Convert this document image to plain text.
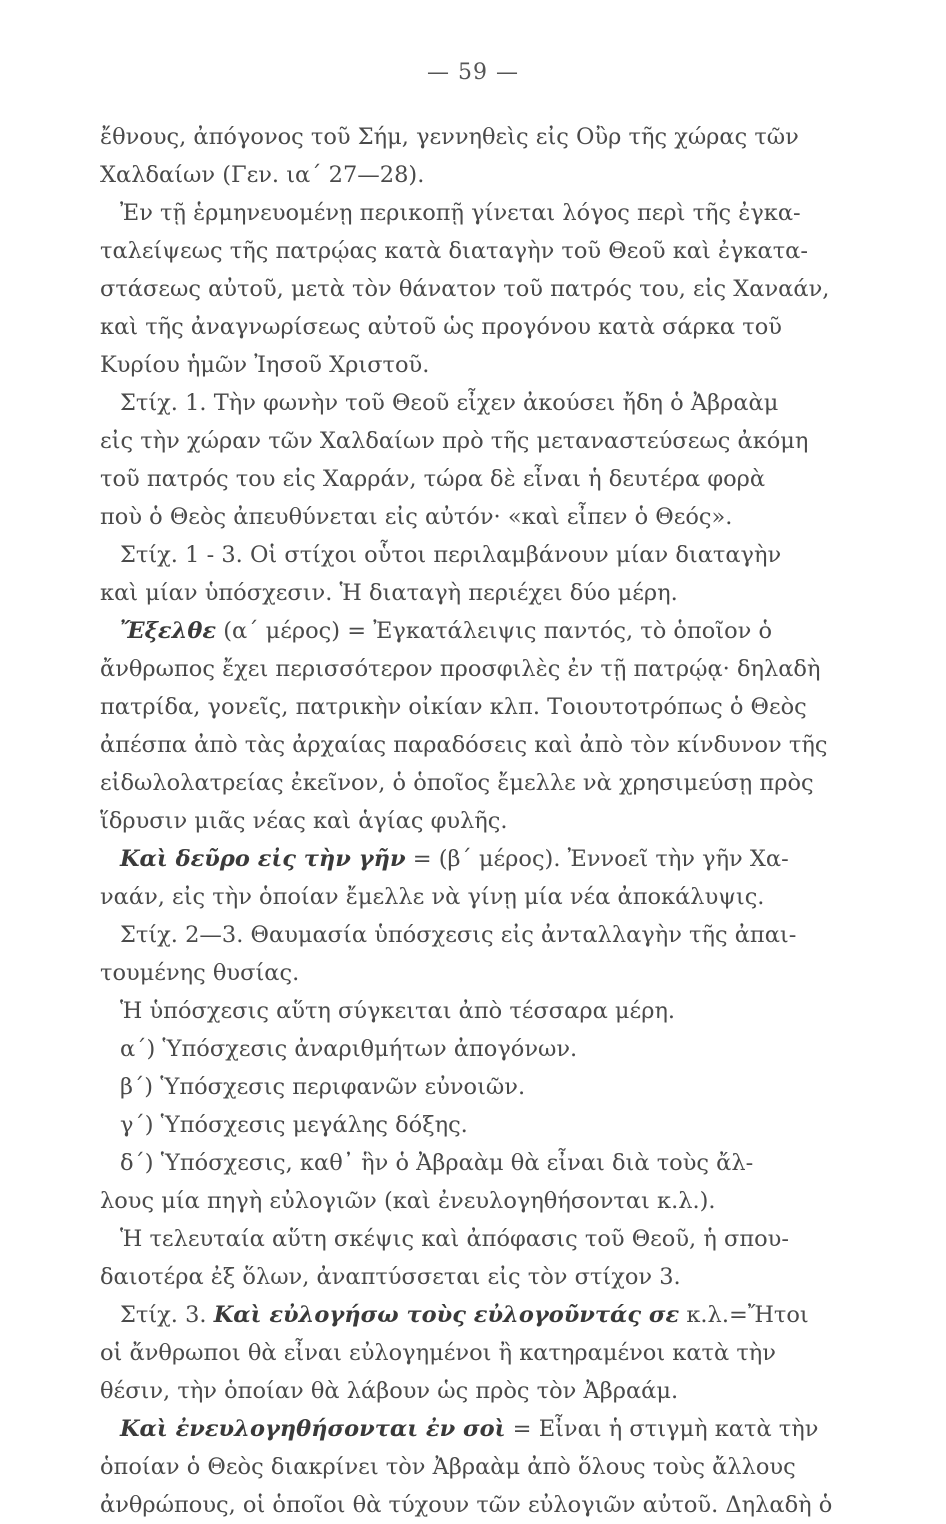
— 59 —
ἔθνους, ἀπόγονος τοῦ Σήμ, γεννηθεὶς εἰς Οὒρ τῆς χώρας τῶν
Χαλδαίων (Γεν. ια΄ 27—28).
Ἐν τῇ ἑρμηνευομένῃ περικοπῇ γίνεται λόγος περὶ τῆς ἐγκα-
ταλείψεως τῆς πατρῴας κατὰ διαταγὴν τοῦ Θεοῦ καὶ ἐγκατα-
στάσεως αὐτοῦ, μετὰ τὸν θάνατον τοῦ πατρός του, εἰς Χαναάν,
καὶ τῆς ἀναγνωρίσεως αὐτοῦ ὡς προγόνου κατὰ σάρκα τοῦ
Κυρίου ἡμῶν Ἰησοῦ Χριστοῦ.
Στίχ. 1. Τὴν φωνὴν τοῦ Θεοῦ εἶχεν ἀκούσει ἤδη ὁ Ἀβραὰμ
εἰς τὴν χώραν τῶν Χαλδαίων πρὸ τῆς μεταναστεύσεως ἀκόμη
τοῦ πατρός του εἰς Χαρράν, τώρα δὲ εἶναι ἡ δευτέρα φορὰ
ποὺ ὁ Θεὸς ἀπευθύνεται εἰς αὐτόν· «καὶ εἶπεν ὁ Θεός».
Στίχ. 1 - 3. Οἱ στίχοι οὗτοι περιλαμβάνουν μίαν διαταγὴν
καὶ μίαν ὑπόσχεσιν. Ἡ διαταγὴ περιέχει δύο μέρη.
Ἔξελθε (α΄ μέρος) = Ἐγκατάλειψις παντός, τὸ ὁποῖον ὁ
ἄνθρωπος ἔχει περισσότερον προσφιλὲς ἐν τῇ πατρῴᾳ· δηλαδὴ
πατρίδα, γονεῖς, πατρικὴν οἰκίαν κλπ. Τοιουτοτρόπως ὁ Θεὸς
ἀπέσπα ἀπὸ τὰς ἀρχαίας παραδόσεις καὶ ἀπὸ τὸν κίνδυνον τῆς
εἰδωλολατρείας ἐκεῖνον, ὁ ὁποῖος ἔμελλε νὰ χρησιμεύσῃ πρὸς
ἵδρυσιν μιᾶς νέας καὶ ἁγίας φυλῆς.
Καὶ δεῦρο εἰς τὴν γῆν = (β΄ μέρος). Ἐννοεῖ τὴν γῆν Χα-
ναάν, εἰς τὴν ὁποίαν ἔμελλε νὰ γίνῃ μία νέα ἀποκάλυψις.
Στίχ. 2—3. Θαυμασία ὑπόσχεσις εἰς ἀνταλλαγὴν τῆς ἀπαι-
τουμένης θυσίας.
Ἡ ὑπόσχεσις αὕτη σύγκειται ἀπὸ τέσσαρα μέρη.
α΄) Ὑπόσχεσις ἀναριθμήτων ἀπογόνων.
β΄) Ὑπόσχεσις περιφανῶν εὐνοιῶν.
γ΄) Ὑπόσχεσις μεγάλης δόξης.
δ΄) Ὑπόσχεσις, καθ᾽ ἣν ὁ Ἀβραὰμ θὰ εἶναι διὰ τοὺς ἄλ-
λους μία πηγὴ εὐλογιῶν (καὶ ἐνευλογηθήσονται κ.λ.).
Ἡ τελευταία αὕτη σκέψις καὶ ἀπόφασις τοῦ Θεοῦ, ἡ σπου-
δαιοτέρα ἐξ ὅλων, ἀναπτύσσεται εἰς τὸν στίχον 3.
Στίχ. 3. Καὶ εὐλογήσω τοὺς εὐλογοῦντάς σε κ.λ.=Ἤτοι
οἱ ἄνθρωποι θὰ εἶναι εὐλογημένοι ἢ κατηραμένοι κατὰ τὴν
θέσιν, τὴν ὁποίαν θὰ λάβουν ὡς πρὸς τὸν Ἀβραάμ.
Καὶ ἐνευλογηθήσονται ἐν σοὶ = Εἶναι ἡ στιγμὴ κατὰ τὴν
ὁποίαν ὁ Θεὸς διακρίνει τὸν Ἀβραὰμ ἀπὸ ὅλους τοὺς ἄλλους
ἀνθρώπους, οἱ ὁποῖοι θὰ τύχουν τῶν εὐλογιῶν αὐτοῦ. Δηλαδὴ ὁ
